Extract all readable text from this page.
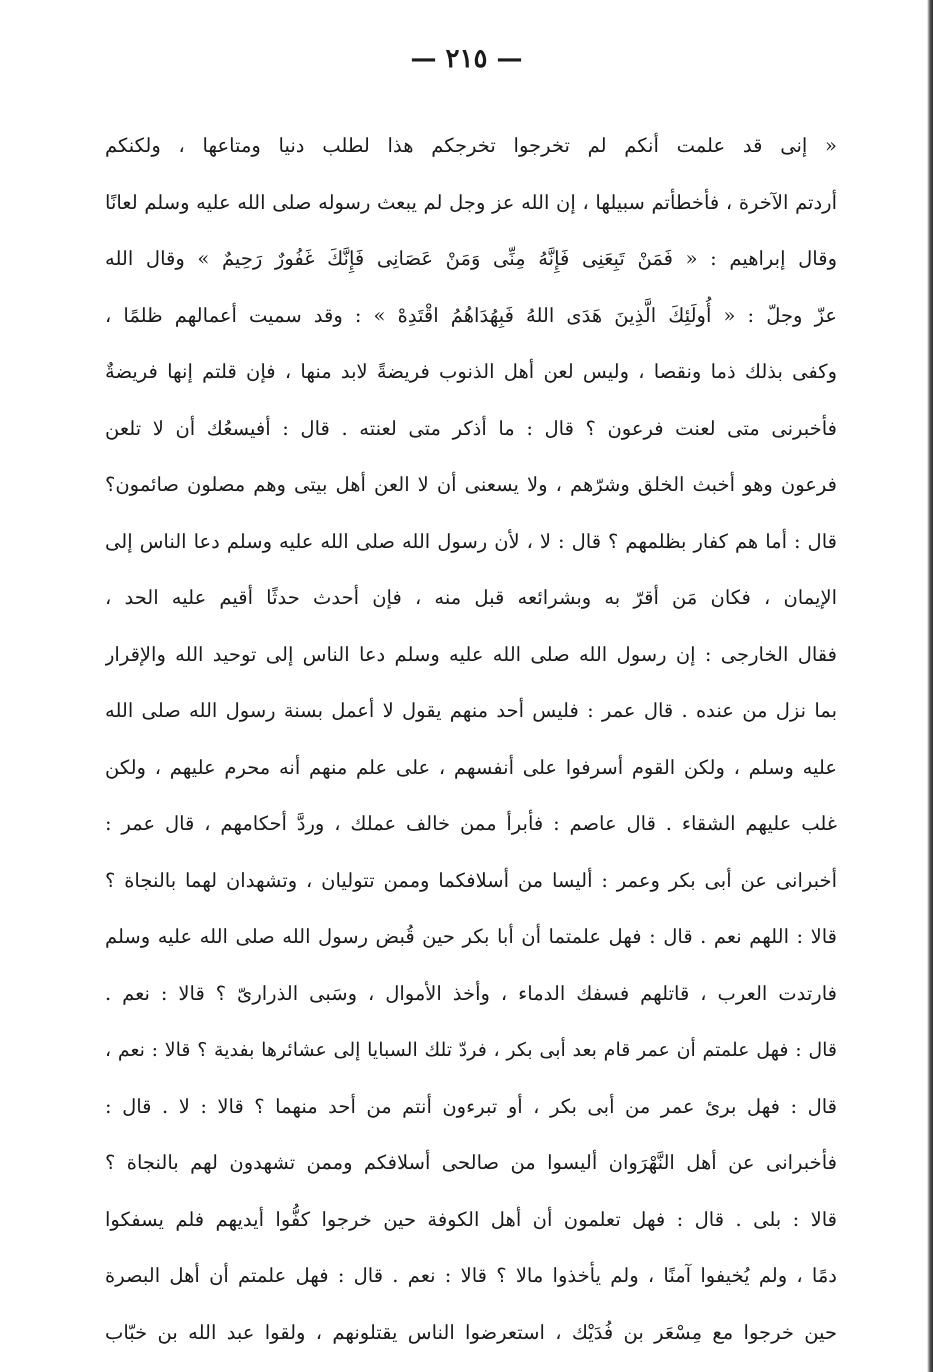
— ٢١٥ —
« إنى قد علمت أنكم لم تخرجوا تخرجكم هذا لطلب دنيا ومتاعها ، ولكنكم
أردتم الآخرة ، فأخطأتم سبيلها ، إن الله عز وجل لم يبعث رسوله صلى الله عليه وسلم لعانًا
وقال إبراهيم : « فَمَنْ تَبِعَنِى فَإِنَّهُ مِنِّى وَمَنْ عَصَانِى فَإِنَّكَ غَفُورٌ رَحِيمٌ » وقال الله
عزّ وجلّ : « أُولَئِكَ الَّذِينَ هَدَى اللهُ فَبِهُدَاهُمُ اقْتَدِهْ » : وقد سميت أعمالهم ظلمًا ،
وكفى بذلك ذما ونقصا ، وليس لعن أهل الذنوب فريضةً لابد منها ، فإن قلتم إنها فريضةٌ
فأخبرنى متى لعنت فرعون ؟ قال : ما أذكر متى لعنته . قال : أفيسعُك أن لا تلعن
فرعون وهو أخبث الخلق وشرّهم ، ولا يسعنى أن لا العن أهل بيتى وهم مصلون صائمون؟
قال : أما هم كفار بظلمهم ؟ قال : لا ، لأن رسول الله صلى الله عليه وسلم دعا الناس إلى
الإيمان ، فكان مَن أقرّ به وبشرائعه قبل منه ، فإن أحدث حدثًا أقيم عليه الحد ،
فقال الخارجى : إن رسول الله صلى الله عليه وسلم دعا الناس إلى توحيد الله والإقرار
بما نزل من عنده . قال عمر : فليس أحد منهم يقول لا أعمل بسنة رسول الله صلى الله
عليه وسلم ، ولكن القوم أسرفوا على أنفسهم ، على علم منهم أنه محرم عليهم ، ولكن
غلب عليهم الشقاء . قال عاصم : فأبرأ ممن خالف عملك ، وردَّ أحكامهم ، قال عمر :
أخبرانى عن أبى بكر وعمر : أليسا من أسلافكما وممن تتوليان ، وتشهدان لهما بالنجاة ؟
قالا : اللهم نعم . قال : فهل علمتما أن أبا بكر حين قُبض رسول الله صلى الله عليه وسلم
فارتدت العرب ، قاتلهم فسفك الدماء ، وأخذ الأموال ، وسَبى الذرارىّ ؟ قالا : نعم .
قال : فهل علمتم أن عمر قام بعد أبى بكر ، فردّ تلك السبايا إلى عشائرها بفدية ؟ قالا : نعم ،
قال : فهل برئ عمر من أبى بكر ، أو تبرءون أنتم من أحد منهما ؟ قالا : لا . قال :
فأخبرانى عن أهل النَّهْرَوان أليسوا من صالحى أسلافكم وممن تشهدون لهم بالنجاة ؟
قالا : بلى . قال : فهل تعلمون أن أهل الكوفة حين خرجوا كفُّوا أيديهم فلم يسفكوا
دمًا ، ولم يُخيفوا آمنًا ، ولم يأخذوا مالا ؟ قالا : نعم . قال : فهل علمتم أن أهل البصرة
حين خرجوا مع مِسْعَر بن فُدَيْك ، استعرضوا الناس يقتلونهم ، ولقوا عبد الله بن خبّاب
